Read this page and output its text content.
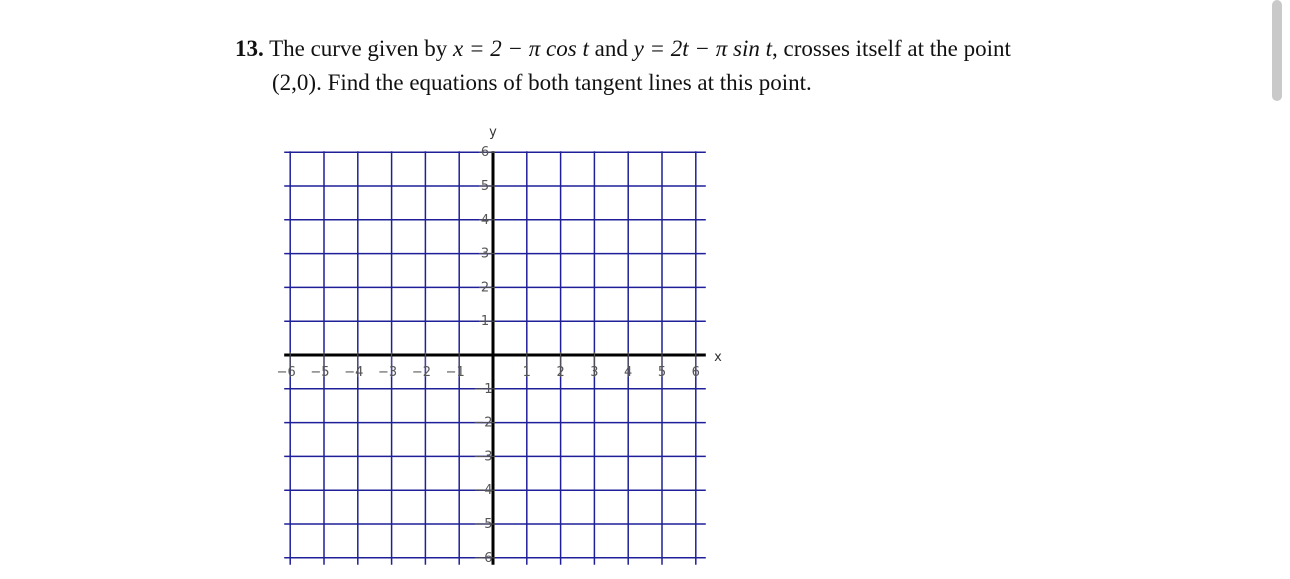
13. The curve given by x = 2 − π cos t and y = 2t − π sin t, crosses itself at the point
(2,0). Find the equations of both tangent lines at this point.
−6 −5 −4 −3 −2 −1	1 2 3 4 5 6
6
5
4
3
2
1
−1
−2
−3
−4
−5
−6
x
y
